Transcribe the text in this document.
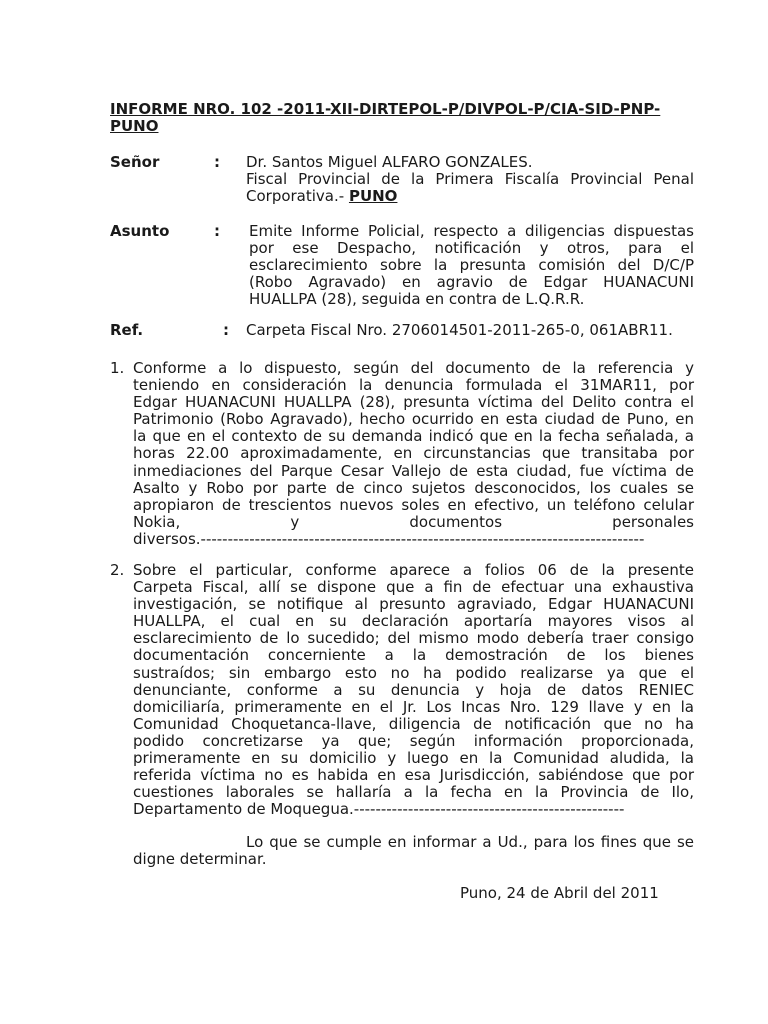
INFORME NRO. 102 -2011-XII-DIRTEPOL-P/DIVPOL-P/CIA-SID-PNP-
PUNO
Señor	: Dr. Santos Miguel ALFARO GONZALES.
Fiscal Provincial de la Primera Fiscalía Provincial Penal
Corporativa.- PUNO
Asunto	: Emite Informe Policial, respecto a diligencias dispuestas
por ese Despacho, notificación y otros, para el
esclarecimiento sobre la presunta comisión del D/C/P
(Robo Agravado) en agravio de Edgar HUANACUNI
HUALLPA (28), seguida en contra de L.Q.R.R.
Ref.	: Carpeta Fiscal Nro. 2706014501-2011-265-0, 061ABR11.
1. Conforme a lo dispuesto, según del documento de la referencia y
teniendo en consideración la denuncia formulada el 31MAR11, por
Edgar HUANACUNI HUALLPA (28), presunta víctima del Delito contra el
Patrimonio (Robo Agravado), hecho ocurrido en esta ciudad de Puno, en
la que en el contexto de su demanda indicó que en la fecha señalada, a
horas 22.00 aproximadamente, en circunstancias que transitaba por
inmediaciones del Parque Cesar Vallejo de esta ciudad, fue víctima de
Asalto y Robo por parte de cinco sujetos desconocidos, los cuales se
apropiaron de trescientos nuevos soles en efectivo, un teléfono celular
Nokia, y documentos personales
diversos.----------------------------------------------------------------------------------
2. Sobre el particular, conforme aparece a folios 06 de la presente
Carpeta Fiscal, allí se dispone que a fin de efectuar una exhaustiva
investigación, se notifique al presunto agraviado, Edgar HUANACUNI
HUALLPA, el cual en su declaración aportaría mayores visos al
esclarecimiento de lo sucedido; del mismo modo debería traer consigo
documentación concerniente a la demostración de los bienes
sustraídos; sin embargo esto no ha podido realizarse ya que el
denunciante, conforme a su denuncia y hoja de datos RENIEC
domiciliaría, primeramente en el Jr. Los Incas Nro. 129 llave y en la
Comunidad Choquetanca-llave, diligencia de notificación que no ha
podido concretizarse ya que; según información proporcionada,
primeramente en su domicilio y luego en la Comunidad aludida, la
referida víctima no es habida en esa Jurisdicción, sabiéndose que por
cuestiones laborales se hallaría a la fecha en la Provincia de Ilo,
Departamento de Moquegua.--------------------------------------------------
Lo que se cumple en informar a Ud., para los fines que se
digne determinar.
Puno, 24 de Abril del 2011
